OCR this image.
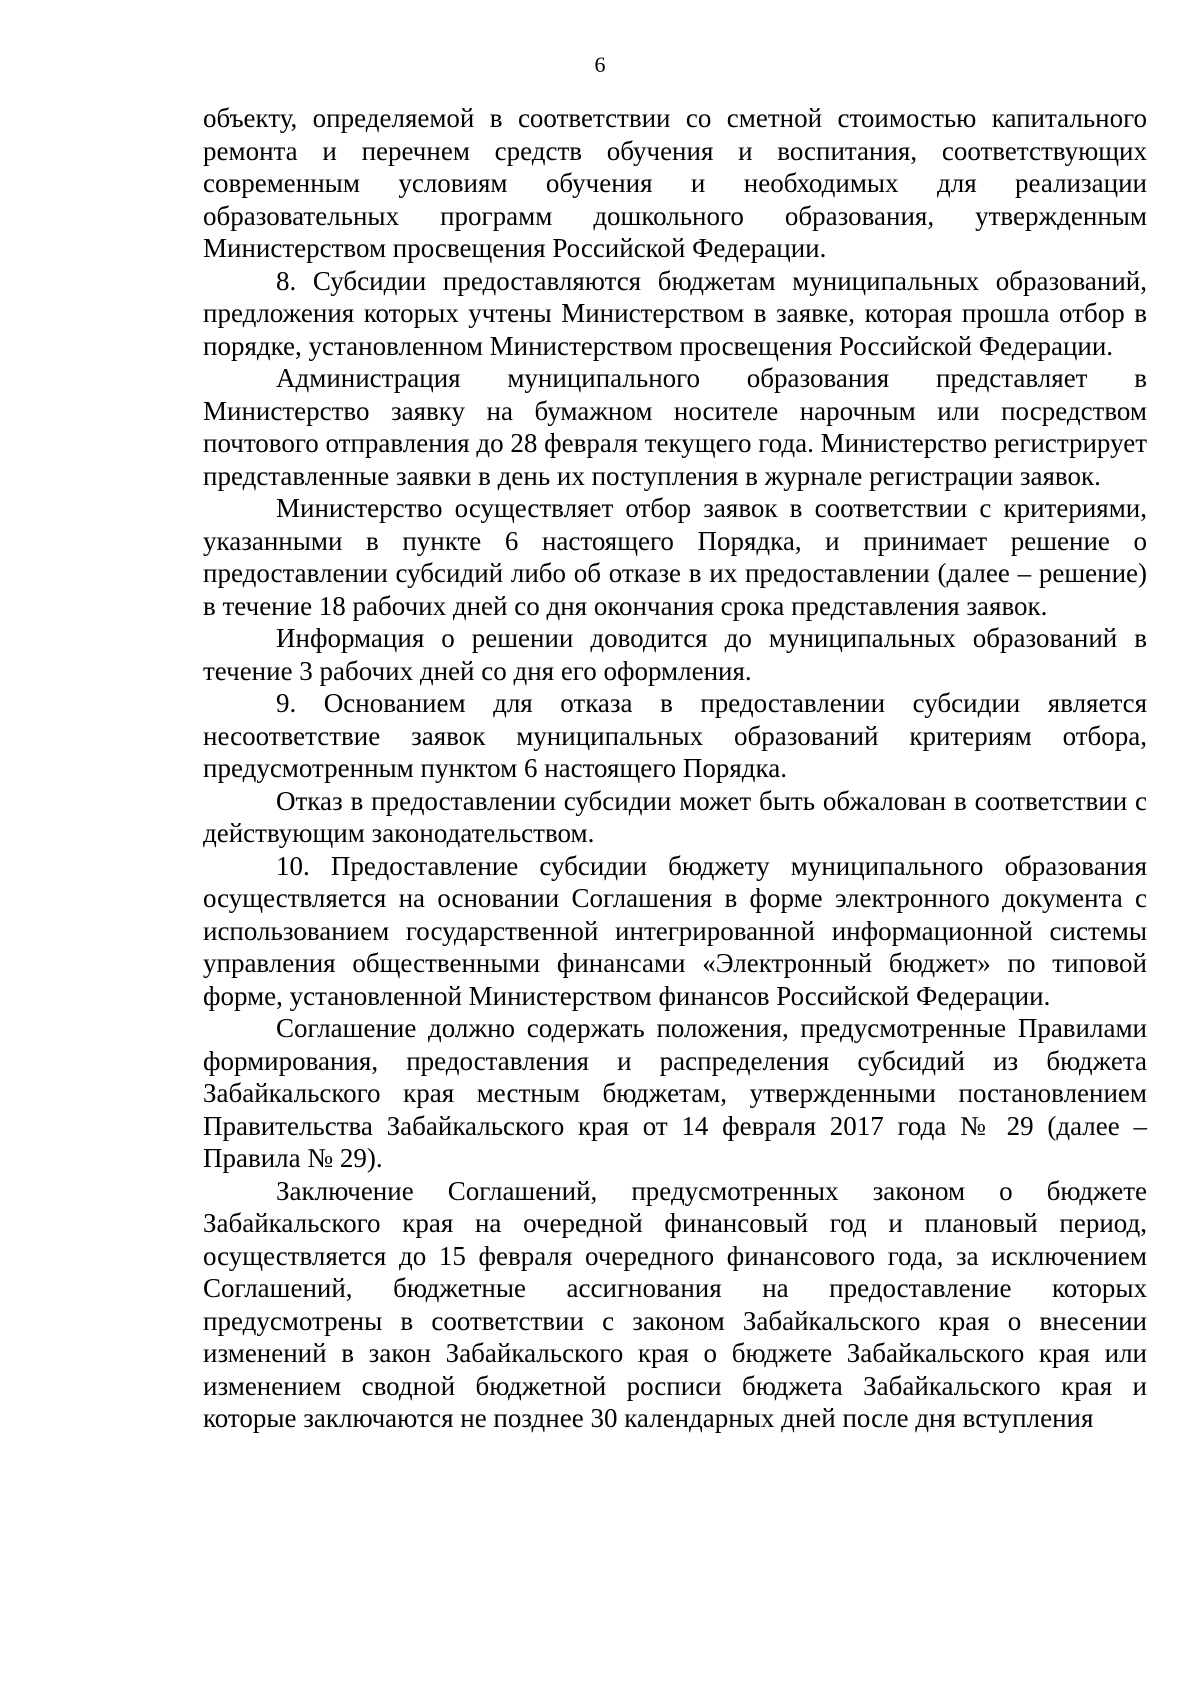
6

объекту, определяемой в соответствии со сметной стоимостью капитального ремонта и перечнем средств обучения и воспитания, соответствующих современным условиям обучения и необходимых для реализации образовательных программ дошкольного образования, утвержденным Министерством просвещения Российской Федерации.

8. Субсидии предоставляются бюджетам муниципальных образований, предложения которых учтены Министерством в заявке, которая прошла отбор в порядке, установленном Министерством просвещения Российской Федерации.

Администрация муниципального образования представляет в Министерство заявку на бумажном носителе нарочным или посредством почтового отправления до 28 февраля текущего года. Министерство регистрирует представленные заявки в день их поступления в журнале регистрации заявок.

Министерство осуществляет отбор заявок в соответствии с критериями, указанными в пункте 6 настоящего Порядка, и принимает решение о предоставлении субсидий либо об отказе в их предоставлении (далее – решение) в течение 18 рабочих дней со дня окончания срока представления заявок.

Информация о решении доводится до муниципальных образований в течение 3 рабочих дней со дня его оформления.

9. Основанием для отказа в предоставлении субсидии является несоответствие заявок муниципальных образований критериям отбора, предусмотренным пунктом 6 настоящего Порядка.

Отказ в предоставлении субсидии может быть обжалован в соответствии с действующим законодательством.

10. Предоставление субсидии бюджету муниципального образования осуществляется на основании Соглашения в форме электронного документа с использованием государственной интегрированной информационной системы управления общественными финансами «Электронный бюджет» по типовой форме, установленной Министерством финансов Российской Федерации.

Соглашение должно содержать положения, предусмотренные Правилами формирования, предоставления и распределения субсидий из бюджета Забайкальского края местным бюджетам, утвержденными постановлением Правительства Забайкальского края от 14 февраля 2017 года № 29 (далее – Правила № 29).

Заключение Соглашений, предусмотренных законом о бюджете Забайкальского края на очередной финансовый год и плановый период, осуществляется до 15 февраля очередного финансового года, за исключением Соглашений, бюджетные ассигнования на предоставление которых предусмотрены в соответствии с законом Забайкальского края о внесении изменений в закон Забайкальского края о бюджете Забайкальского края или изменением сводной бюджетной росписи бюджета Забайкальского края и которые заключаются не позднее 30 календарных дней после дня вступления
